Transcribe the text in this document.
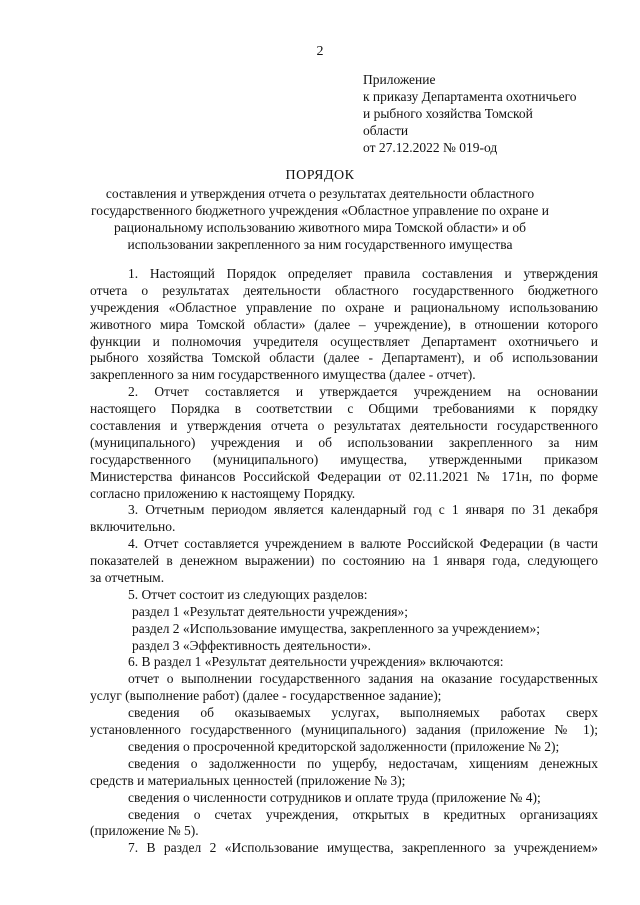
2
Приложение
к приказу Департамента охотничьего
и рыбного хозяйства Томской
области
от 27.12.2022 № 019-од
ПОРЯДОК
составления и утверждения отчета о результатах деятельности областного
государственного бюджетного учреждения «Областное управление по охране и
рациональному использованию животного мира Томской области» и об
использовании закрепленного за ним государственного имущества
1. Настоящий Порядок определяет правила составления и утверждения
отчета о результатах деятельности областного государственного бюджетного
учреждения «Областное управление по охране и рациональному использованию
животного мира Томской области» (далее – учреждение), в отношении которого
функции и полномочия учредителя осуществляет Департамент охотничьего и
рыбного хозяйства Томской области (далее - Департамент), и об использовании
закрепленного за ним государственного имущества (далее - отчет).
2. Отчет составляется и утверждается учреждением на основании
настоящего Порядка в соответствии с Общими требованиями к порядку
составления и утверждения отчета о результатах деятельности государственного
(муниципального) учреждения и об использовании закрепленного за ним
государственного (муниципального) имущества, утвержденными приказом
Министерства финансов Российской Федерации от 02.11.2021 № 171н, по форме
согласно приложению к настоящему Порядку.
3. Отчетным периодом является календарный год с 1 января по 31 декабря
включительно.
4. Отчет составляется учреждением в валюте Российской Федерации (в части
показателей в денежном выражении) по состоянию на 1 января года, следующего
за отчетным.
5. Отчет состоит из следующих разделов:
раздел 1 «Результат деятельности учреждения»;
раздел 2 «Использование имущества, закрепленного за учреждением»;
раздел 3 «Эффективность деятельности».
6. В раздел 1 «Результат деятельности учреждения» включаются:
отчет о выполнении государственного задания на оказание государственных
услуг (выполнение работ) (далее - государственное задание);
сведения об оказываемых услугах, выполняемых работах сверх
установленного государственного (муниципального) задания (приложение № 1);
сведения о просроченной кредиторской задолженности (приложение № 2);
сведения о задолженности по ущербу, недостачам, хищениям денежных
средств и материальных ценностей (приложение № 3);
сведения о численности сотрудников и оплате труда (приложение № 4);
сведения о счетах учреждения, открытых в кредитных организациях
(приложение № 5).
7. В раздел 2 «Использование имущества, закрепленного за учреждением»
